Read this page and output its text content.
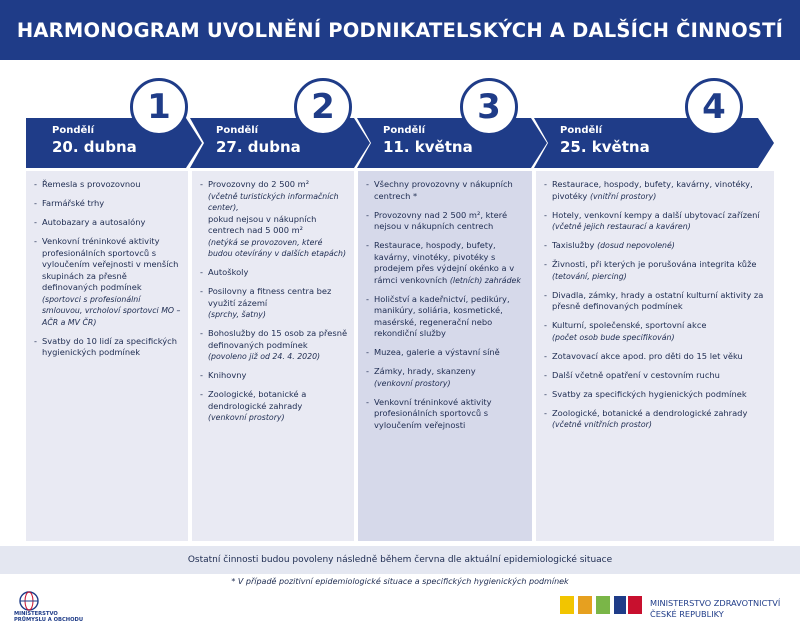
HARMONOGRAM UVOLNĚNÍ PODNIKATELSKÝCH A DALŠÍCH ČINNOSTÍ
1	2	3	4
Pondělí
20. dubna
Pondělí
27. dubna
Pondělí
11. května
Pondělí
25. května
- Řemesla s provozovnou
- Farmářské trhy
- Autobazary a autosalóny
- Venkovní tréninkové aktivity profesionálních sportovců s vyloučením veřejnosti v menších skupinách za přesně definovaných podmínek
(sportovci s profesionální smlouvou, vrcholoví sportovci MO – AČR a MV ČR)
- Svatby do 10 lidí za specifických hygienických podmínek
- Provozovny do 2 500 m²
(včetně turistických informačních center),
pokud nejsou v nákupních centrech nad 5 000 m²
(netýká se provozoven, které budou otevírány v dalších etapách)
- Autoškoly
- Posilovny a fitness centra bez využití zázemí
(sprchy, šatny)
- Bohoslužby do 15 osob za přesně definovaných podmínek
(povoleno již od 24. 4. 2020)
- Knihovny
- Zoologické, botanické a dendrologické zahrady
(venkovní prostory)
- Všechny provozovny v nákupních centrech *
- Provozovny nad 2 500 m², které nejsou v nákupních centrech
- Restaurace, hospody, bufety, kavárny, vinotéky, pivotéky s prodejem přes výdejní okénko a v rámci venkovních (letních) zahrádek
- Holičství a kadeřnictví, pedikúry, manikúry, soliária, kosmetické, masérské, regenerační nebo rekondiční služby
- Muzea, galerie a výstavní síně
- Zámky, hrady, skanzeny
(venkovní prostory)
- Venkovní tréninkové aktivity profesionálních sportovců s vyloučením veřejnosti
- Restaurace, hospody, bufety, kavárny, vinotéky, pivotéky (vnitřní prostory)
- Hotely, venkovní kempy a další ubytovací zařízení
(včetně jejich restaurací a kaváren)
- Taxislužby (dosud nepovolené)
- Živnosti, při kterých je porušována integrita kůže (tetování, piercing)
- Divadla, zámky, hrady a ostatní kulturní aktivity za přesně definovaných podmínek
- Kulturní, společenské, sportovní akce
(počet osob bude specifikován)
- Zotavovací akce apod. pro děti do 15 let věku
- Další včetně opatření v cestovním ruchu
- Svatby za specifických hygienických podmínek
- Zoologické, botanické a dendrologické zahrady (včetně vnitřních prostor)
Ostatní činnosti budou povoleny následně během června dle aktuální epidemiologické situace
* V případě pozitivní epidemiologické situace a specifických hygienických podmínek
MINISTERSTVO
PRŮMYSLU A OBCHODU
MINISTERSTVO ZDRAVOTNICTVÍ
ČESKÉ REPUBLIKY
